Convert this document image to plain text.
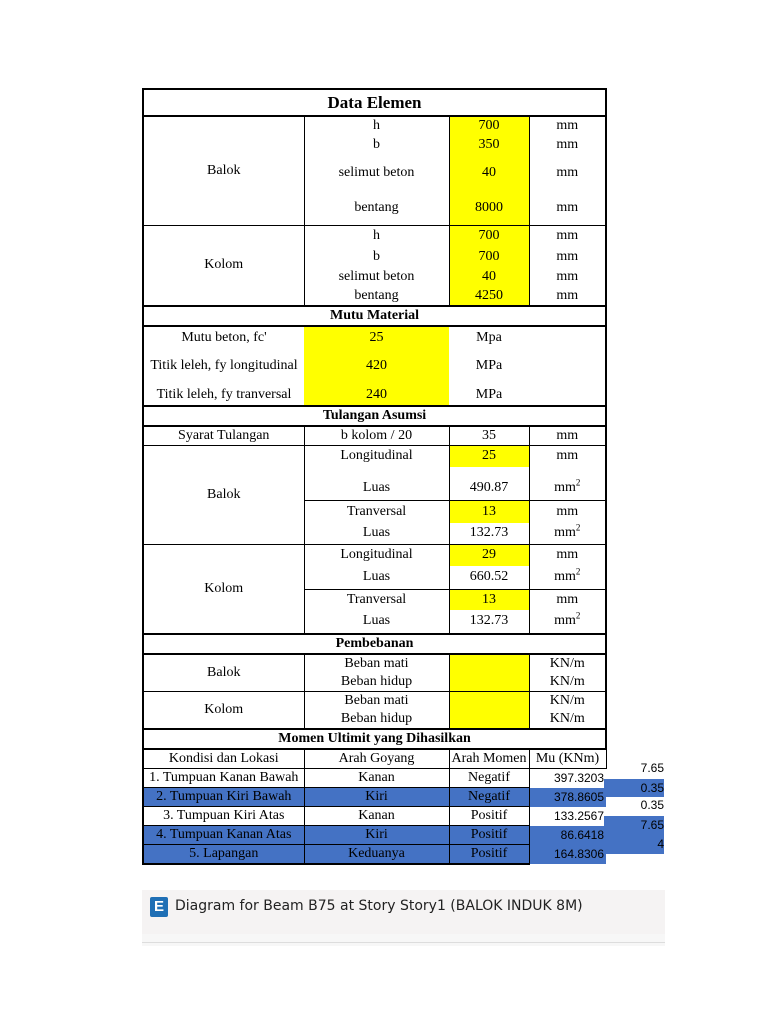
Data Elemen			
Balok	h	700	mm
	b	350	mm
	selimut beton	40	mm
	bentang	8000	mm
Kolom	h	700	mm
	b	700	mm
	selimut beton	40	mm
	bentang	4250	mm
Mutu Material			
Mutu beton, fc'	25	Mpa	
Titik leleh, fy longitudinal	420	MPa	
Titik leleh, fy tranversal	240	MPa	
Tulangan Asumsi			
Syarat Tulangan	b kolom / 20	35	mm
Balok	Longitudinal	25	mm
	Luas	490.87	$mm^2$
	Tranversal	13	mm
	Luas	132.73	$mm^2$
Kolom	Longitudinal	29	mm
	Luas	660.52	$mm^2$
	Tranversal	13	mm
	Luas	132.73	$mm^2$
Pembebanan			
Balok	Beban mati		KN/m
	Beban hidup		KN/m
Kolom	Beban mati		KN/m
	Beban hidup		KN/m
Momen Ultimit yang Dihasilkan			
Kondisi dan Lokasi	Arah Goyang	Arah Momen	Mu (KNm)
1. Tumpuan Kanan Bawah	Kanan	Negatif	397.3203
2. Tumpuan Kiri Bawah	Kiri	Negatif	378.8605
3. Tumpuan Kiri Atas	Kanan	Positif	133.2567
4. Tumpuan Kanan Atas	Kiri	Positif	86.6418
5. Lapangan	Keduanya	Positif	164.8306
7.65
0.35
0.35
7.65
4
E Diagram for Beam B75 at Story Story1 (BALOK INDUK 8M)
